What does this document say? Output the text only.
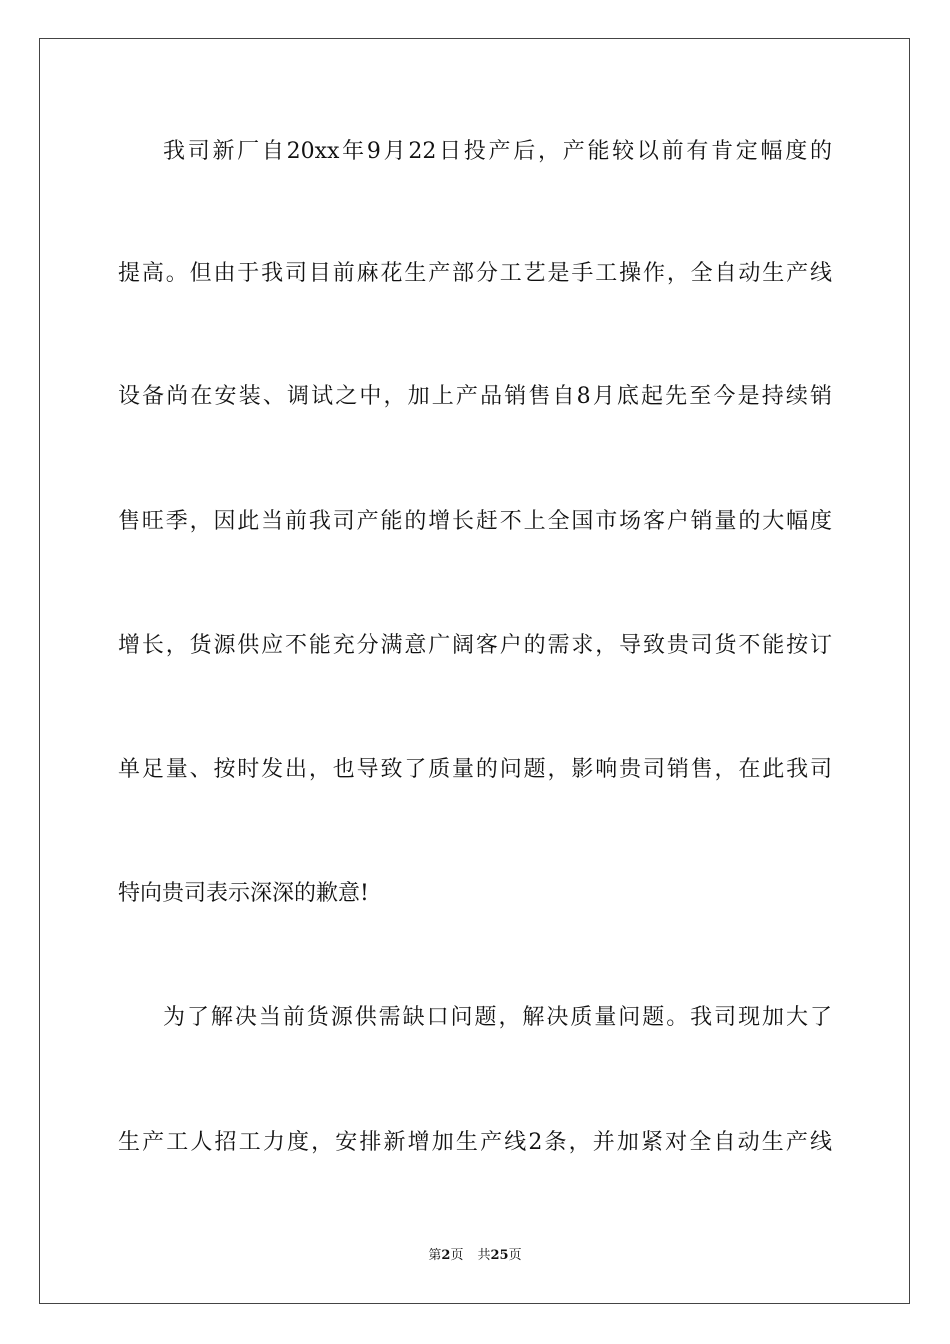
我司新厂自20xx年9月22日投产后，产能较以前有肯定幅度的
提高。但由于我司目前麻花生产部分工艺是手工操作，全自动生产线
设备尚在安装、调试之中，加上产品销售自8月底起先至今是持续销
售旺季，因此当前我司产能的增长赶不上全国市场客户销量的大幅度
增长，货源供应不能充分满意广阔客户的需求，导致贵司货不能按订
单足量、按时发出，也导致了质量的问题，影响贵司销售，在此我司
特向贵司表示深深的歉意!
为了解决当前货源供需缺口问题，解决质量问题。我司现加大了
生产工人招工力度，安排新增加生产线2条，并加紧对全自动生产线
第2页 共25页
